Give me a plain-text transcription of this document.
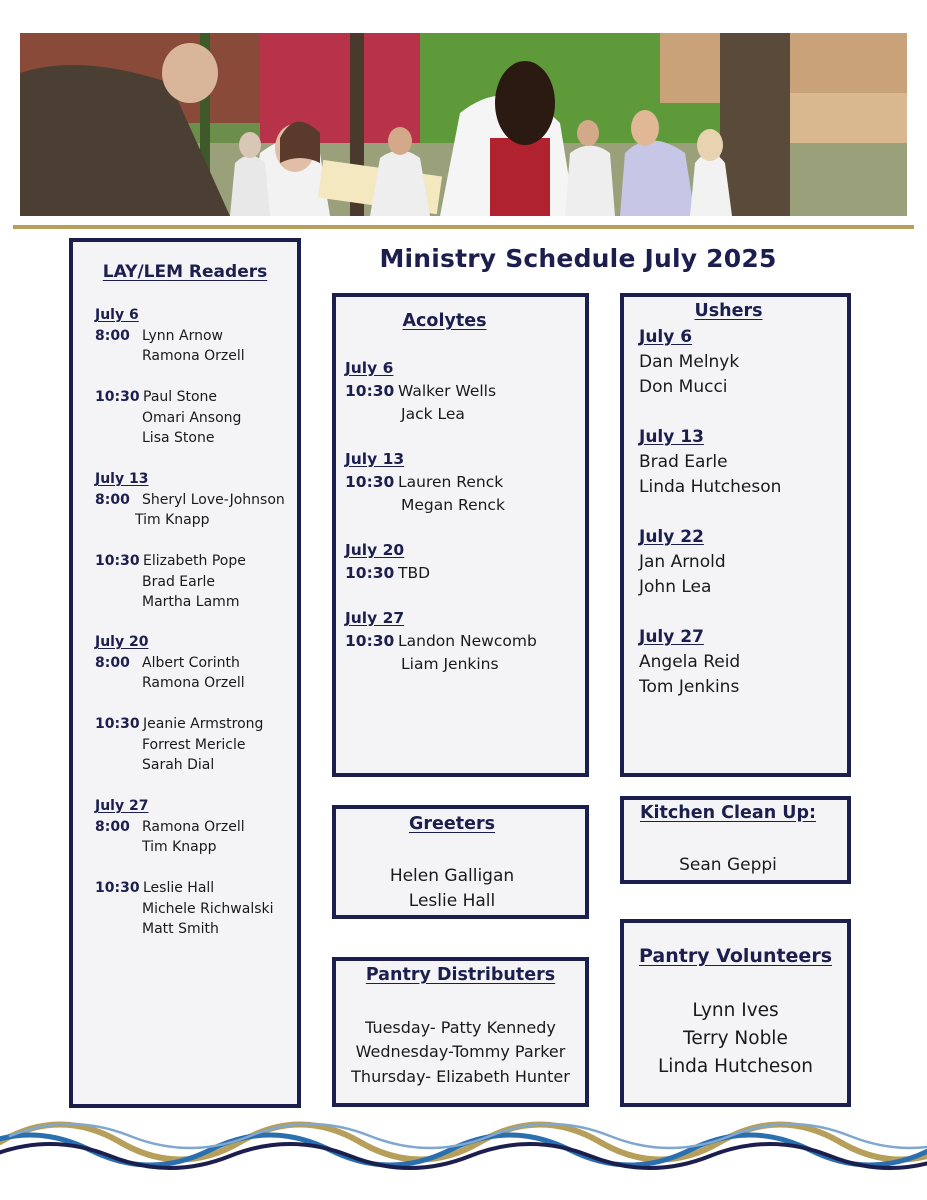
Ministry Schedule July 2025
LAY/LEM Readers
Acolytes	Ushers
Greeters
Helen Galligan
Leslie Hall
Kitchen Clean Up:
Sean Geppi
Pantry Distributers
Tuesday- Patty Kennedy
Wednesday-Tommy Parker
Thursday- Elizabeth Hunter
Pantry Volunteers
Lynn Ives
Terry Noble
Linda Hutcheson
July 6
8:00 Lynn Arnow
Ramona Orzell
10:30 Paul Stone
Omari Ansong
Lisa Stone
July 13
8:00 Sheryl Love-Johnson
Tim Knapp
10:30 Elizabeth Pope
Brad Earle
Martha Lamm
July 20
8:00 Albert Corinth
Ramona Orzell
10:30 Jeanie Armstrong
Forrest Mericle
Sarah Dial
July 27
8:00 Ramona Orzell
Tim Knapp
10:30 Leslie Hall
Michele Richwalski
Matt Smith
July 6
10:30 Walker Wells
Jack Lea
July 13
10:30 Lauren Renck
Megan Renck
July 20
10:30 TBD
July 27
10:30 Landon Newcomb
Liam Jenkins
July 6
Dan Melnyk
Don Mucci
July 13
Brad Earle
Linda Hutcheson
July 22
Jan Arnold
John Lea
July 27
Angela Reid
Tom Jenkins
